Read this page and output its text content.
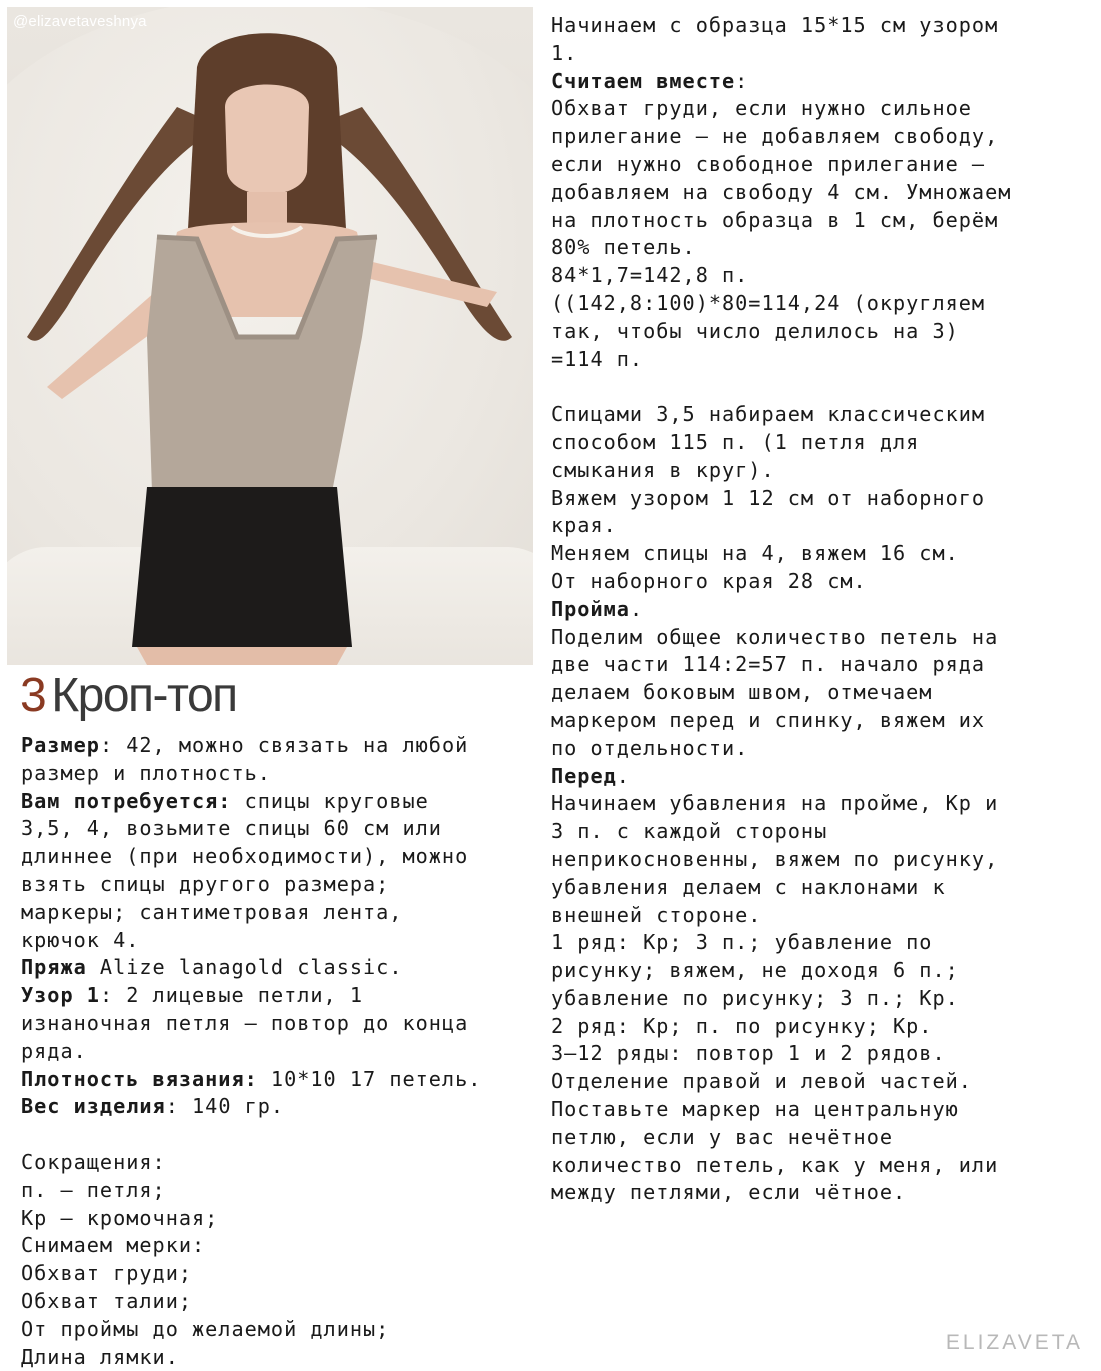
@elizavetaveshnya
3 Кроп-топ
Размер: 42, можно связать на любой
размер и плотность.
Вам потребуется: спицы круговые
3,5, 4, возьмите спицы 60 см или
длиннее (при необходимости), можно
взять спицы другого размера;
маркеры; сантиметровая лента,
крючок 4.
Пряжа Alize lanagold classic.
Узор 1: 2 лицевые петли, 1
изнаночная петля – повтор до конца
ряда.
Плотность вязания: 10*10 17 петель.
Вес изделия: 140 гр.

Сокращения:
п. – петля;
Кр – кромочная;
Снимаем мерки:
Обхват груди;
Обхват талии;
От проймы до желаемой длины;
Длина лямки.
Начинаем с образца 15*15 см узором
1.
Считаем вместе:
Обхват груди, если нужно сильное
прилегание – не добавляем свободу,
если нужно свободное прилегание –
добавляем на свободу 4 см. Умножаем
на плотность образца в 1 см, берём
80% петель.
84*1,7=142,8 п.
((142,8:100)*80=114,24 (округляем
так, чтобы число делилось на 3)
=114 п.

Спицами 3,5 набираем классическим
способом 115 п. (1 петля для
смыкания в круг).
Вяжем узором 1 12 см от наборного
края.
Меняем спицы на 4, вяжем 16 см.
От наборного края 28 см.
Пройма.
Поделим общее количество петель на
две части 114:2=57 п. начало ряда
делаем боковым швом, отмечаем
маркером перед и спинку, вяжем их
по отдельности.
Перед.
Начинаем убавления на пройме, Кр и
3 п. с каждой стороны
неприкосновенны, вяжем по рисунку,
убавления делаем с наклонами к
внешней стороне.
1 ряд: Кр; 3 п.; убавление по
рисунку; вяжем, не доходя 6 п.;
убавление по рисунку; 3 п.; Кр.
2 ряд: Кр; п. по рисунку; Кр.
3–12 ряды: повтор 1 и 2 рядов.
Отделение правой и левой частей.
Поставьте маркер на центральную
петлю, если у вас нечётное
количество петель, как у меня, или
между петлями, если чётное.
ELIZAVETA
